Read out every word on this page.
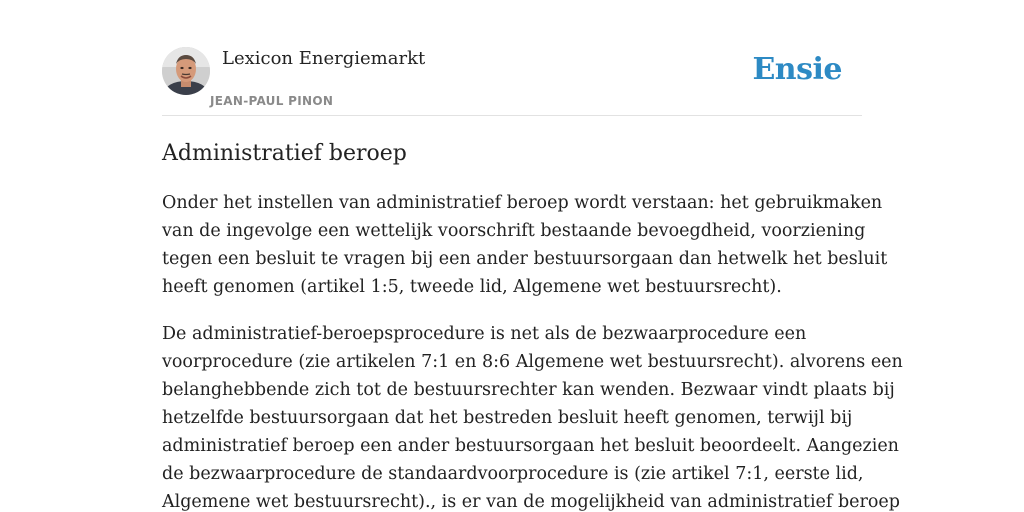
Lexicon Energiemarkt
JEAN-PAUL PINON
Ensie
Administratief beroep

Onder het instellen van administratief beroep wordt verstaan: het gebruikmaken
van de ingevolge een wettelijk voorschrift bestaande bevoegdheid, voorziening
tegen een besluit te vragen bij een ander bestuursorgaan dan hetwelk het besluit
heeft genomen (artikel 1:5, tweede lid, Algemene wet bestuursrecht).

De administratief-beroepsprocedure is net als de bezwaarprocedure een
voorprocedure (zie artikelen 7:1 en 8:6 Algemene wet bestuursrecht). alvorens een
belanghebbende zich tot de bestuursrechter kan wenden. Bezwaar vindt plaats bij
hetzelfde bestuursorgaan dat het bestreden besluit heeft genomen, terwijl bij
administratief beroep een ander bestuursorgaan het besluit beoordeelt. Aangezien
de bezwaarprocedure de standaardvoorprocedure is (zie artikel 7:1, eerste lid,
Algemene wet bestuursrecht)., is er van de mogelijkheid van administratief beroep
